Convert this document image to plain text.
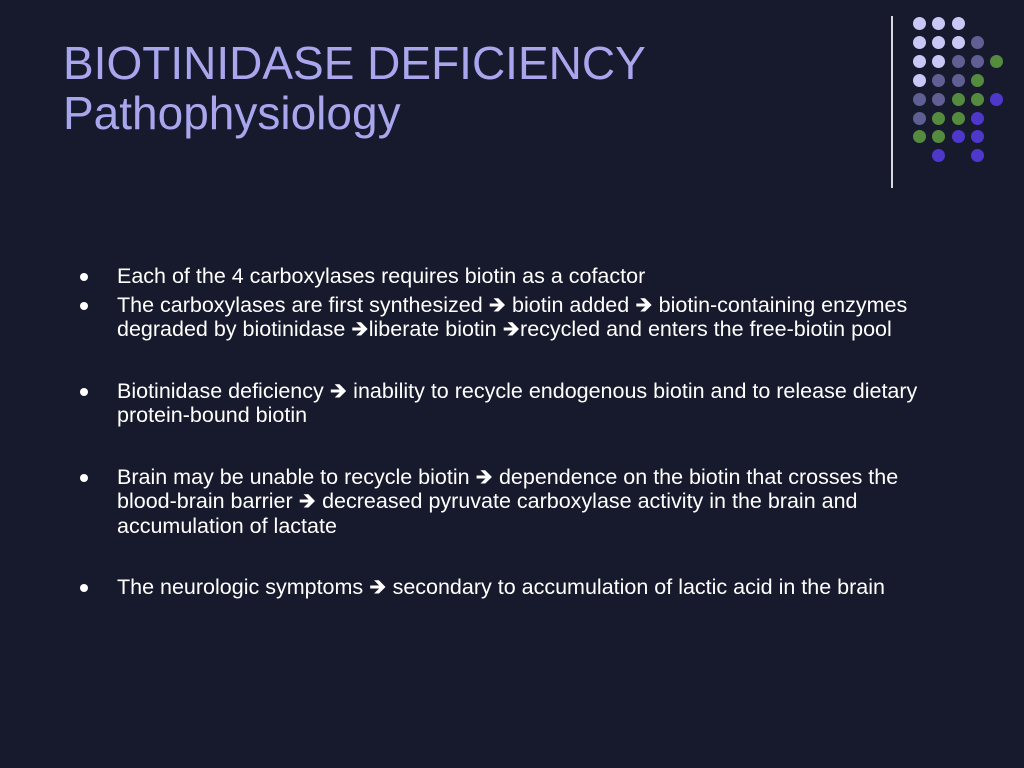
BIOTINIDASE DEFICIENCY
Pathophysiology
Each of the 4 carboxylases requires biotin as a cofactor
The carboxylases are first synthesized 🡺 biotin added 🡺 biotin-containing enzymes degraded by biotinidase 🡺liberate biotin 🡺recycled and enters the free-biotin pool
Biotinidase deficiency 🡺 inability to recycle endogenous biotin and to release dietary protein-bound biotin
Brain may be unable to recycle biotin 🡺 dependence on the biotin that crosses the blood-brain barrier 🡺 decreased pyruvate carboxylase activity in the brain and accumulation of lactate
The neurologic symptoms 🡺 secondary to accumulation of lactic acid in the brain
